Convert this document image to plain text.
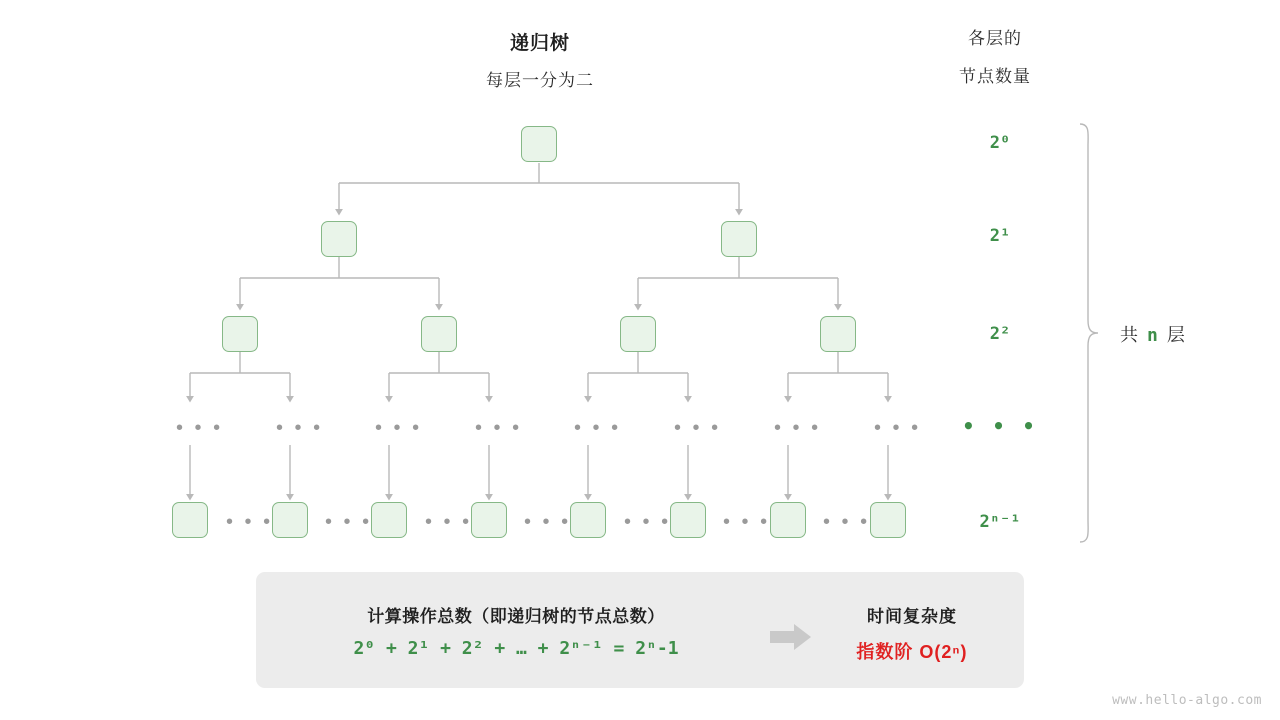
递归树
每层一分为二
各层的
节点数量
• • •	• • •	• • •	• • •	• • •	• • •	• • •	• • •
• • •	• • •	• • •	• • •	• • •	• • •	• • •
2⁰
2¹
2²
• • •
2ⁿ⁻¹
共 n 层
计算操作总数（即递归树的节点总数）
2⁰ + 2¹ + 2² + … + 2ⁿ⁻¹ = 2ⁿ-1
时间复杂度
指数阶 O(2ⁿ)
www.hello-algo.com
